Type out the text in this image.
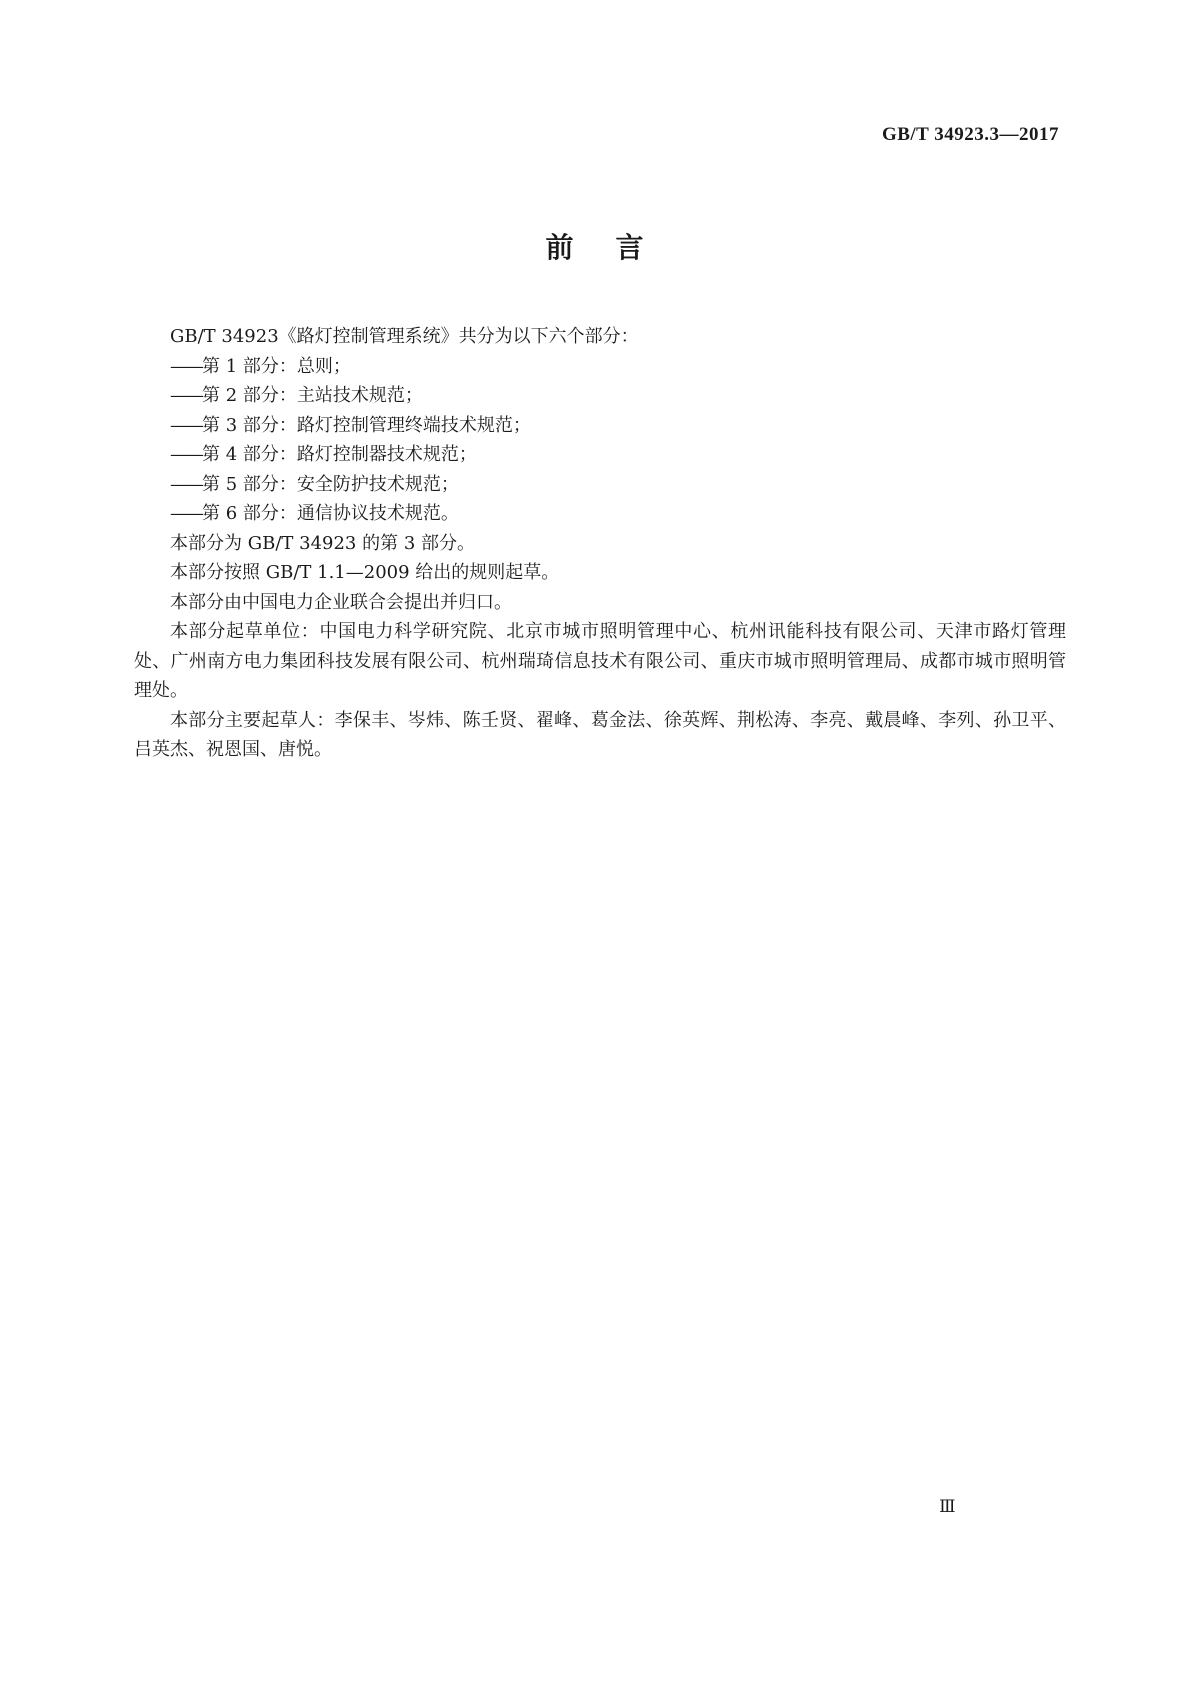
GB/T 34923.3—2017
前 言

GB/T 34923《路灯控制管理系统》共分为以下六个部分：

——第 1 部分：总则；

——第 2 部分：主站技术规范；

——第 3 部分：路灯控制管理终端技术规范；

——第 4 部分：路灯控制器技术规范；

——第 5 部分：安全防护技术规范；

——第 6 部分：通信协议技术规范。

本部分为 GB/T 34923 的第 3 部分。

本部分按照 GB/T 1.1—2009 给出的规则起草。

本部分由中国电力企业联合会提出并归口。

本部分起草单位：中国电力科学研究院、北京市城市照明管理中心、杭州讯能科技有限公司、天津市路灯管理处、广州南方电力集团科技发展有限公司、杭州瑞琦信息技术有限公司、重庆市城市照明管理局、成都市城市照明管理处。

本部分主要起草人：李保丰、岑炜、陈壬贤、翟峰、葛金法、徐英辉、荆松涛、李亮、戴晨峰、李列、孙卫平、吕英杰、祝恩国、唐悦。

Ⅲ
